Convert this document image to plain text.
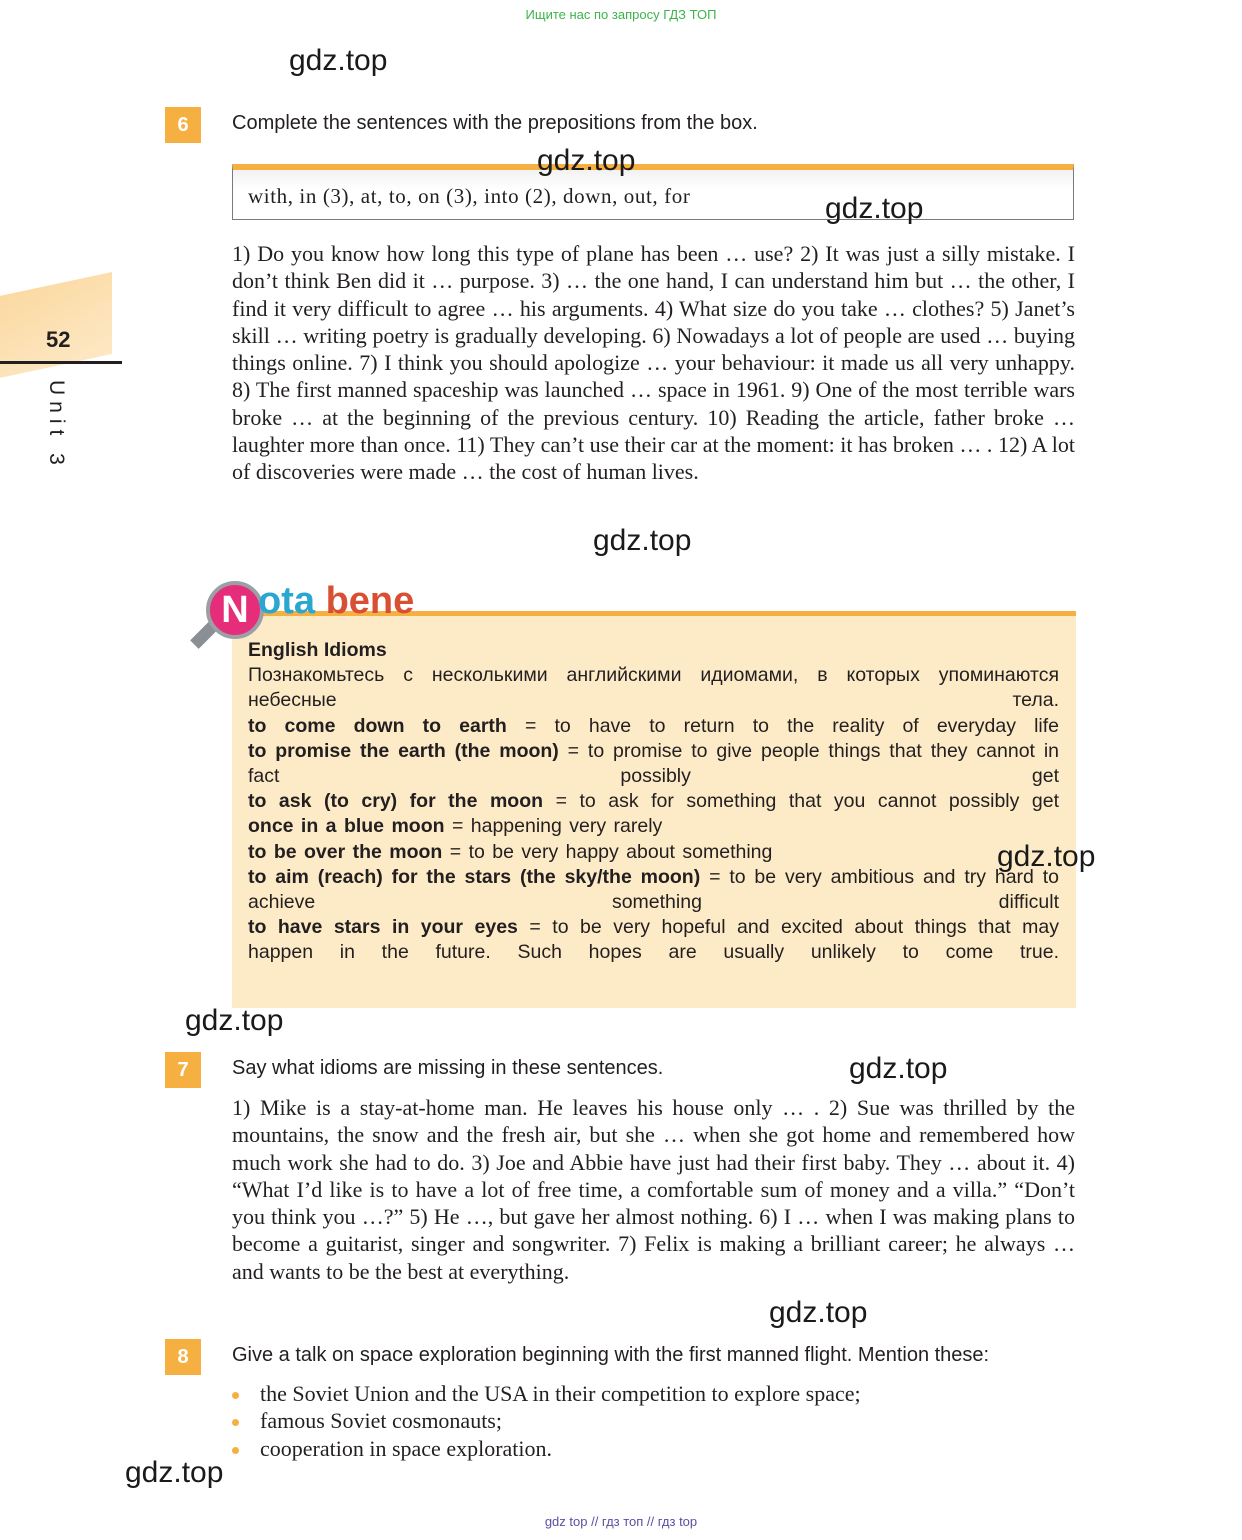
Ищите нас по запросу ГДЗ ТОП
gdz top // гдз топ // гдз top
52
Unit 3
6	Complete the sentences with the prepositions from the box.
with, in (3), at, to, on (3), into (2), down, out, for
1) Do you know how long this type of plane has been … use? 2) It was just a silly mistake. I don’t think Ben did it … purpose. 3) … the one hand, I can understand him but … the other, I find it very difficult to agree … his arguments. 4) What size do you take … clothes? 5) Janet’s skill … writing poetry is gradually developing. 6) Nowadays a lot of people are used … buying things online. 7) I think you should apologize … your behaviour: it made us all very unhappy. 8) The first manned spaceship was launched … space in 1961. 9) One of the most terrible wars broke … at the beginning of the previous century. 10) Reading the article, father broke … laughter more than once. 11) They can’t use their car at the moment: it has broken … . 12) A lot of discoveries were made … the cost of human lives.
N ota bene
English Idioms
Познакомьтесь с несколькими английскими идиомами, в которых упоминаются небесные тела.
to come down to earth = to have to return to the reality of everyday life
to promise the earth (the moon) = to promise to give people things that they cannot in fact possibly get
to ask (to cry) for the moon = to ask for something that you cannot possibly get
once in a blue moon = happening very rarely
to be over the moon = to be very happy about something
to aim (reach) for the stars (the sky/the moon) = to be very ambitious and try hard to achieve something difficult
to have stars in your eyes = to be very hopeful and excited about things that may happen in the future. Such hopes are usually unlikely to come true.
7	Say what idioms are missing in these sentences.
1) Mike is a stay-at-home man. He leaves his house only … . 2) Sue was thrilled by the mountains, the snow and the fresh air, but she … when she got home and remembered how much work she had to do. 3) Joe and Abbie have just had their first baby. They … about it. 4) “What I’d like is to have a lot of free time, a comfortable sum of money and a villa.” “Don’t you think you …?” 5) He …, but gave her almost nothing. 6) I … when I was making plans to become a guitarist, singer and songwriter. 7) Felix is making a brilliant career; he always … and wants to be the best at everything.
8	Give a talk on space exploration beginning with the first manned flight. Mention these:
the Soviet Union and the USA in their competition to explore space;
famous Soviet cosmonauts;
cooperation in space exploration.
gdz.top
gdz.top
gdz.top
gdz.top
gdz.top
gdz.top
gdz.top
gdz.top
gdz.top
